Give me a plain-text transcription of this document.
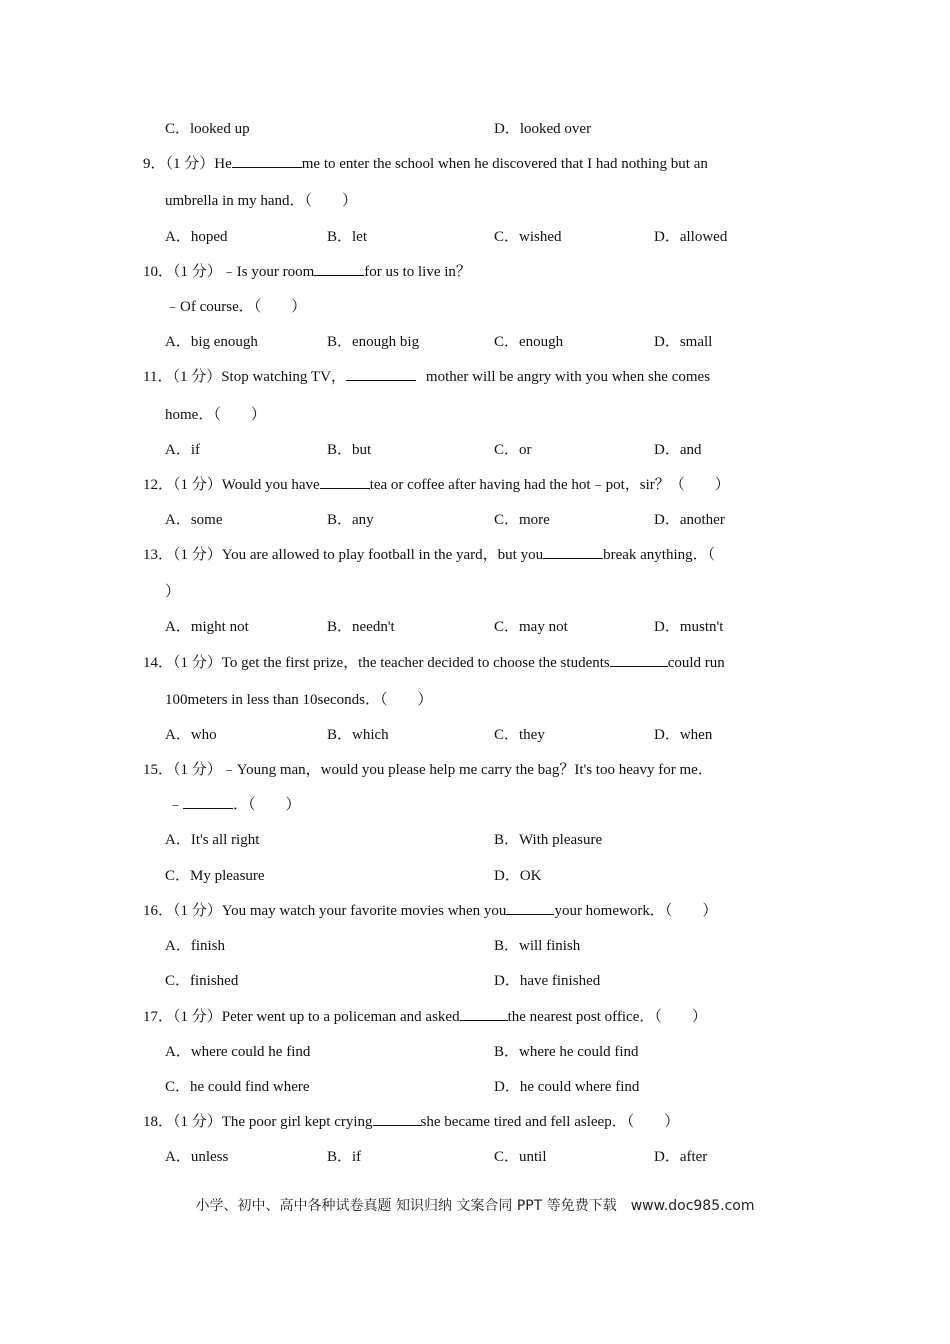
C．looked up	D．looked over
9．（1 分）He	me to enter the school when he discovered that I had nothing but an
umbrella in my hand．（　　）
A．hoped	B．let	C．wished	D．allowed
10．（1 分）﹣Is your room	for us to live in？
﹣Of course．（　　）
A．big enough	B．enough big	C．enough	D．small
11．（1 分）Stop watching TV，	mother will be angry with you when she comes
home．（　　）
A．if	B．but	C．or	D．and
12．（1 分）Would you have	tea or coffee after having had the hot﹣pot，sir？（　　）
A．some	B．any	C．more	D．another
13．（1 分）You are allowed to play football in the yard，but you	break anything．（
）
A．might not	B．needn't	C．may not	D．mustn't
14．（1 分）To get the first prize，the teacher decided to choose the students	could run
100meters in less than 10seconds．（　　）
A．who	B．which	C．they	D．when
15．（1 分）﹣Young man，would you please help me carry the bag？It's too heavy for me．
﹣	．（　　）
A．It's all right	B．With pleasure
C．My pleasure	D．OK
16．（1 分）You may watch your favorite movies when you	your homework．（　　）
A．finish	B．will finish
C．finished	D．have finished
17．（1 分）Peter went up to a policeman and asked	the nearest post office．（　　）
A．where could he find	B．where he could find
C．he could find where	D．he could where find
18．（1 分）The poor girl kept crying	she became tired and fell asleep．（　　）
A．unless	B．if	C．until	D．after
小学、初中、高中各种试卷真题 知识归纳 文案合同 PPT 等免费下载　www.doc985.com
